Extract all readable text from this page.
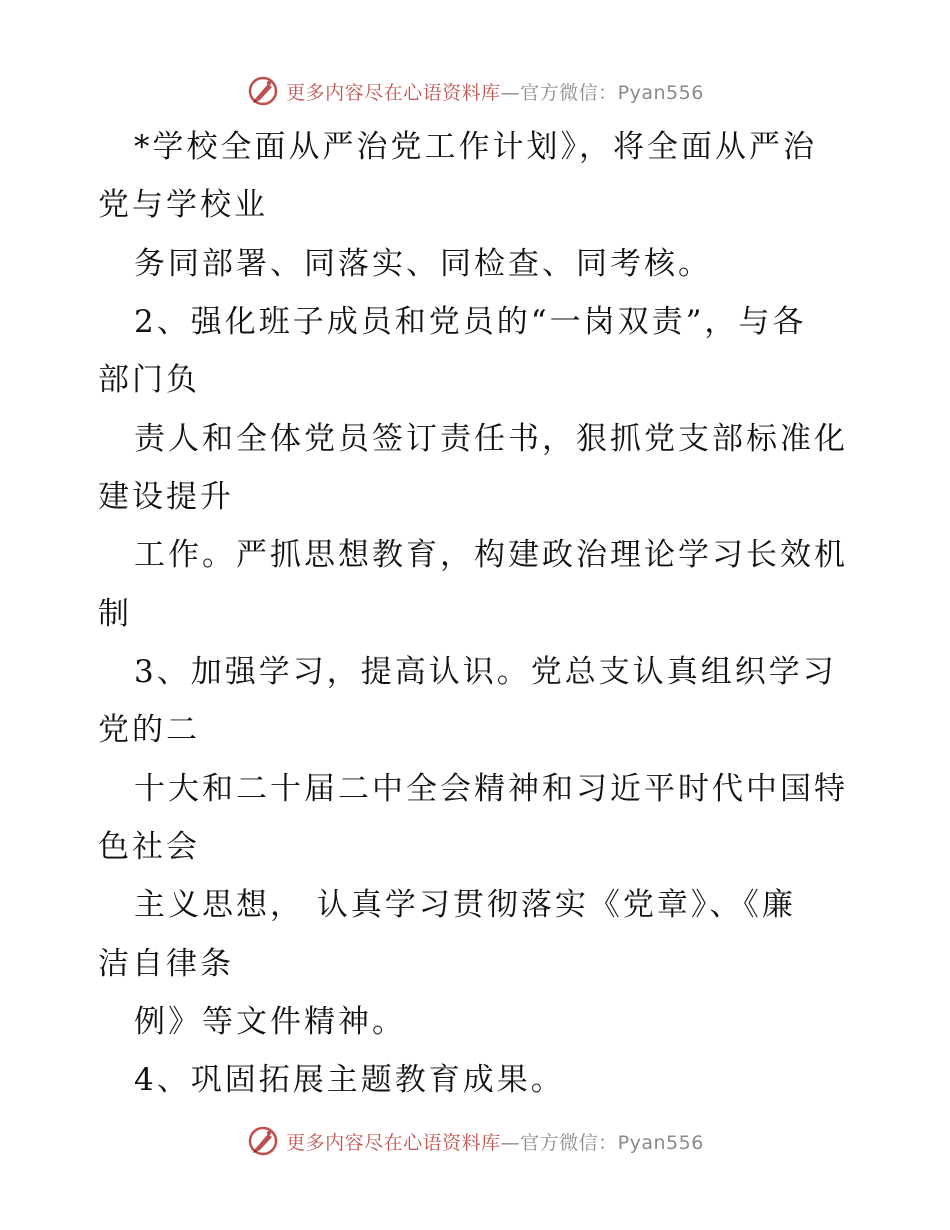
更多内容尽在心语资料库—官方微信：Pyan556
*学校全面从严治党工作计划》，将全面从严治
党与学校业
务同部署、同落实、同检查、同考核。
2、强化班子成员和党员的“一岗双责”，与各
部门负
责人和全体党员签订责任书，狠抓党支部标准化
建设提升
工作。严抓思想教育，构建政治理论学习长效机
制
3、加强学习，提高认识。党总支认真组织学习
党的二
十大和二十届二中全会精神和习近平时代中国特
色社会
主义思想， 认真学习贯彻落实《党章》、《廉
洁自律条
例》等文件精神。
4、巩固拓展主题教育成果。
更多内容尽在心语资料库—官方微信：Pyan556
